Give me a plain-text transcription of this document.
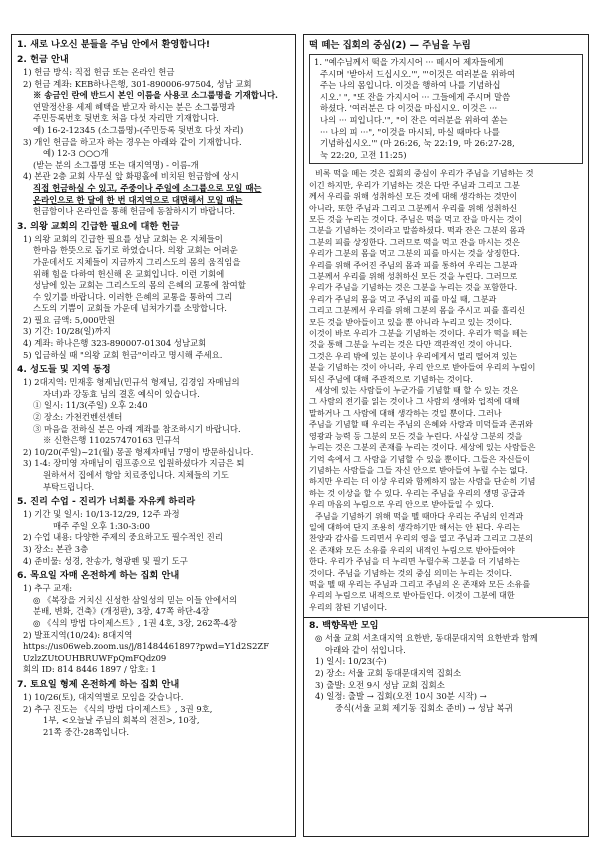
1. 새로 나오신 분들을 주님 안에서 환영합니다!
2. 헌금 안내
1) 헌금 방식: 직접 헌금 또는 온라인 헌금
2) 헌금 계좌: KEB하나은행, 301-890006-97504, 성남 교회
※ 송금인 란에 반드시 본인 이름을 사용코 소그룹명을 기재합니다.
연말정산용 세제 혜택을 받고자 하시는 분은 소그룹명과
주민등록번호 뒷번호 처음 다섯 자리만 기재합니다.
예) 16-2-12345 (소그룹명)-(주민등록 뒷번호 다섯 자리)
3) 개인 헌금을 하고자 하는 경우는 아래와 같이 기재합니다.
예) 12-3 ○○○개
(받는 분의 소그룹명 또는 대지역명) - 이름-개
4) 본관 2층 교회 사무실 앞 화평홀에 비치된 헌금함에 상시
직접 헌금하실 수 있고, 주중이나 주일에 소그룹으로 모일 때는
온라인으로 한 달에 한 번 대지역으로 대면해서 모일 때는
헌금함이나 온라인을 통해 헌금에 동참하시기 바랍니다.
3. 의왕 교회의 긴급한 필요에 대한 헌금
1) 의왕 교회의 긴급한 필요를 성남 교회는 온 지체들이
한마음 한뜻으로 돕기로 하였습니다. 의왕 교회는 어려운
가운데서도 지체들이 지금까지 그리스도의 몸의 움직임을
위해 힘을 다하여 헌신해 온 교회입니다. 이런 기회에
성남에 있는 교회는 그리스도의 몸의 은혜의 교통에 참여할
수 있기를 바랍니다. 이러한 은혜의 교통을 통하여 그리
스도의 기쁨이 교회들 가운데 넘쳐가기를 소망합니다.
2) 필요 금액: 5,000만원
3) 기간: 10/28(일)까지
4) 계좌: 하나은행 323-890007-01304 성남교회
5) 입금하실 때 "의왕 교회 헌금"이라고 명시해 주세요.
4. 성도들 및 지역 동정
1) 2대지역: 민재홍 형제님(민규석 형제님, 김경임 자매님의
자녀)과 강동효 님의 결혼 예식이 있습니다.
① 일시: 11/3(주일) 오후 2:40
② 장소: 가천컨벤션센터
③ 마음을 전하실 분은 아래 계좌를 참조하시기 바랍니다.
※ 신한은행 110257470163 민규석
2) 10/20(주일)~21(월) 몽골 형제자매님 7명이 방문하십니다.
3) 1-4: 장미영 자매님이 림프종으로 입원하셨다가 지금은 퇴
원하셔서 집에서 항암 치료중입니다. 지체들의 기도
부탁드립니다.
5. 진리 수업 - 진리가 너희를 자유케 하리라
1) 기간 및 일시: 10/13-12/29, 12주 과정
매주 주일 오후 1:30-3:00
2) 수업 내용: 다양한 주제의 중요하고도 필수적인 진리
3) 장소: 본관 3층
4) 준비물: 성경, 찬송가, 형광펜 및 필기 도구
6. 목요일 자매 온전하게 하는 집회 안내
1) 추구 교재:
◎ 《복장을 거치신 신성한 삼일성의 믿는 이들 안에서의
분배, 변화, 건축》(개정판), 3장, 47쪽 하단-4장
◎ 《식의 방법 다이제스트》, 1권 4호, 3장, 262쪽-4장
2) 발표지역(10/24): 8대지역
https://us06web.zoom.us/j/81484461897?pwd=Y1d2S2ZF
UzlzZUtOUHBRUWFpQmFQdz09
회의 ID: 814 8446 1897 / 암호: 1
7. 토요일 형제 온전하게 하는 집회 안내
1) 10/26(토), 대지역별로 모임을 갖습니다.
2) 추구 진도는 《식의 방법 다이제스트》, 3권 9호,
1부, <오늘날 주님의 회복의 전진>, 10장,
21쪽 중간-28쪽입니다.
떡 떼는 집회의 중심(2) — 주님을 누림
1. "예수님께서 떡을 가지시어 ··· 떼시어 제자들에게
주시며 '받아서 드십시오.'", "'이것은 여러분을 위하여
주는 나의 몸입니다. 이것을 행하여 나를 기념하십
시오.' ", "또 잔을 가지시어 ··· 그들에게 주시며 말씀
하셨다. '여러분은 다 이것을 마십시오. 이것은 ···
나의 ··· 피입니다.'", "이 잔은 여러분을 위하여 쏟는
··· 나의 피 ···", "이것을 마시되, 마실 때마다 나를
기념하십시오.'" (마 26:26, 눅 22:19, 마 26:27-28,
눅 22:20, 고전 11:25)
비록 떡을 떼는 것은 집회의 중심이 우리가 주님을 기념하는 것
이긴 하지만, 우리가 기념하는 것은 다만 주님과 그리고 그분
께서 우리를 위해 성취하신 모든 것에 대해 생각하는 것만이
아니라, 또한 주님과 그리고 그분께서 우리를 위해 성취하신
모든 것을 누리는 것이다. 주님은 떡을 먹고 잔을 마시는 것이
그분을 기념하는 것이라고 말씀하셨다. 떡과 잔은 그분의 몸과
그분의 피를 상징한다. 그러므로 떡을 먹고 잔을 마시는 것은
우리가 그분의 몸을 먹고 그분의 피를 마시는 것을 상징한다.
우리를 위해 주어진 주님의 몸과 피를 통하여 우리는 그분과
그분께서 우리를 위해 성취하신 모든 것을 누린다. 그러므로
우리가 주님을 기념하는 것은 그분을 누리는 것을 포함한다.
우리가 주님의 몸을 먹고 주님의 피를 마실 때, 그분과
그리고 그분께서 우리를 위해 그분의 몸을 주시고 피를 흘리신
모든 것을 받아들이고 있을 뿐 아니라 누리고 있는 것이다.
이것이 바로 우리가 그분을 기념하는 것이다. 우리가 떡을 떼는
것을 통해 그분을 누리는 것은 다만 객관적인 것이 아니다.
그것은 우리 밖에 있는 분이나 우리에게서 멀리 떨어져 있는
분을 기념하는 것이 아니라, 우리 안으로 받아들여 우리의 누림이
되신 주님에 대해 주관적으로 기념하는 것이다.
세상에 있는 사람들이 누군가를 기념할 때 할 수 있는 것은
그 사람의 전기를 읽는 것이나 그 사람의 생애와 업적에 대해
말하거나 그 사람에 대해 생각하는 것일 뿐이다. 그러나
주님을 기념할 때 우리는 주님의 은혜와 사랑과 미덕들과 존귀와
영광과 능력 등 그분의 모든 것을 누린다. 사실상 그분의 것을
누리는 것은 그분의 존재를 누리는 것이다. 세상에 있는 사람들은
기억 속에서 그 사람을 기념할 수 있을 뿐이다. 그들은 자신들이
기념하는 사람들을 그들 자신 안으로 받아들여 누릴 수는 없다.
하지만 우리는 더 이상 우리와 함께하지 않는 사람을 단순히 기념
하는 것 이상을 할 수 있다. 우리는 주님을 우리의 생명 공급과
우리 마음의 누림으로 우리 안으로 받아들일 수 있다.
주님을 기념하기 위해 떡을 뗄 때마다 우리는 주님의 인격과
일에 대하여 단지 조용히 생각하기만 해서는 안 된다. 우리는
찬양과 감사를 드리면서 우리의 영을 열고 주님과 그리고 그분의
온 존재와 모든 소유를 우리의 내적인 누림으로 받아들여야
한다. 우리가 주님을 더 누리면 누릴수록 그분을 더 기념하는
것이다. 주님을 기념하는 것의 중심 의미는 누리는 것이다.
떡을 뗄 때 우리는 주님과 그리고 주님의 온 존재와 모든 소유를
우리의 누림으로 내적으로 받아들인다. 이것이 그분에 대한
우리의 참된 기념이다.
8. 백향목반 모임
◎ 서울 교회 서초대지역 요한반, 동대문대지역 요한반과 함께
아래와 같이 섞입니다.
1) 일시: 10/23(수)
2) 장소: 서울 교회 동대문대지역 집회소
3) 출발: 오전 9시 성남 교회 집회소
4) 일정: 출발 → 집회(오전 10시 30분 시작) →
중식(서울 교회 제기동 집회소 준비) → 성남 복귀
